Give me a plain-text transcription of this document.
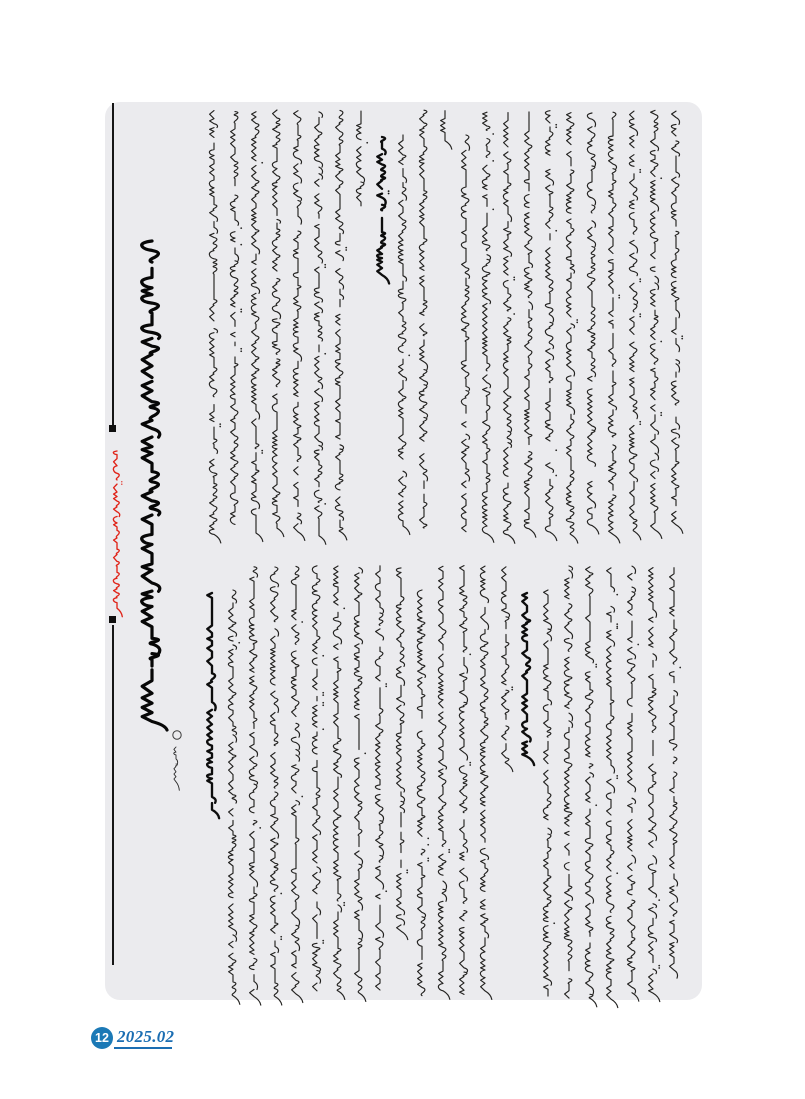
12 2025.02
